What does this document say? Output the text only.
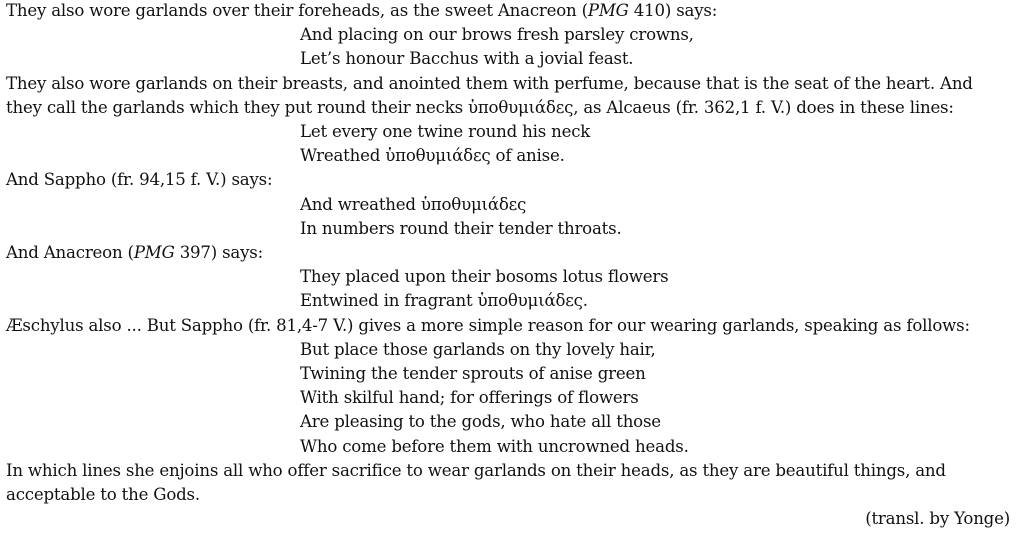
They also wore garlands over their foreheads, as the sweet Anacreon (PMG 410) says:

And placing on our brows fresh parsley crowns,

Let’s honour Bacchus with a jovial feast.

They also wore garlands on their breasts, and anointed them with perfume, because that is the seat of the heart. And

they call the garlands which they put round their necks ὑποθυμιάδες, as Alcaeus (fr. 362,1 f. V.) does in these lines:

Let every one twine round his neck

Wreathed ὑποθυμιάδες of anise.

And Sappho (fr. 94,15 f. V.) says:

And wreathed ὑποθυμιάδες

In numbers round their tender throats.

And Anacreon (PMG 397) says:

They placed upon their bosoms lotus flowers

Entwined in fragrant ὑποθυμιάδες.

Æschylus also ... But Sappho (fr. 81,4-7 V.) gives a more simple reason for our wearing garlands, speaking as follows:

But place those garlands on thy lovely hair,

Twining the tender sprouts of anise green

With skilful hand; for offerings of flowers

Are pleasing to the gods, who hate all those

Who come before them with uncrowned heads.

In which lines she enjoins all who offer sacrifice to wear garlands on their heads, as they are beautiful things, and acceptable to the Gods.

(transl. by Yonge)
